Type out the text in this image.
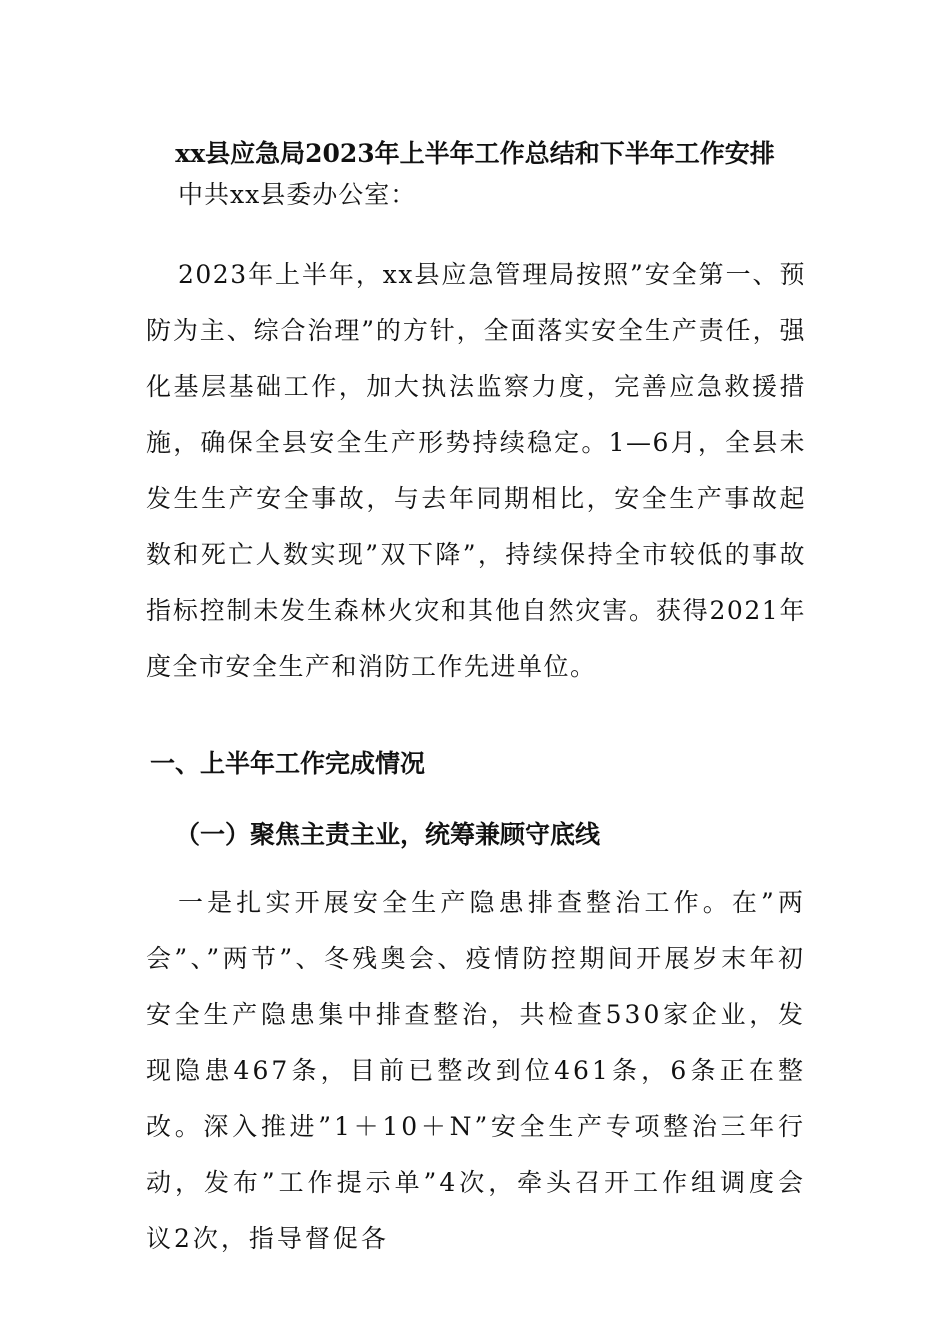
xx县应急局2023年上半年工作总结和下半年工作安排
中共xx县委办公室：
2023年上半年，xx县应急管理局按照”安全第一、预防为主、综合治理”的方针，全面落实安全生产责任，强化基层基础工作，加大执法监察力度，完善应急救援措施，确保全县安全生产形势持续稳定。1—6月，全县未发生生产安全事故，与去年同期相比，安全生产事故起数和死亡人数实现”双下降”，持续保持全市较低的事故指标控制未发生森林火灾和其他自然灾害。获得2021年度全市安全生产和消防工作先进单位。
一、上半年工作完成情况
（一）聚焦主责主业，统筹兼顾守底线
一是扎实开展安全生产隐患排查整治工作。在”两会”、”两节”、冬残奥会、疫情防控期间开展岁末年初安全生产隐患集中排查整治，共检查530家企业，发现隐患467条，目前已整改到位461条，6条正在整改。深入推进”1＋10＋N”安全生产专项整治三年行动，发布”工作提示单”4次，牵头召开工作组调度会议2次，指导督促各
